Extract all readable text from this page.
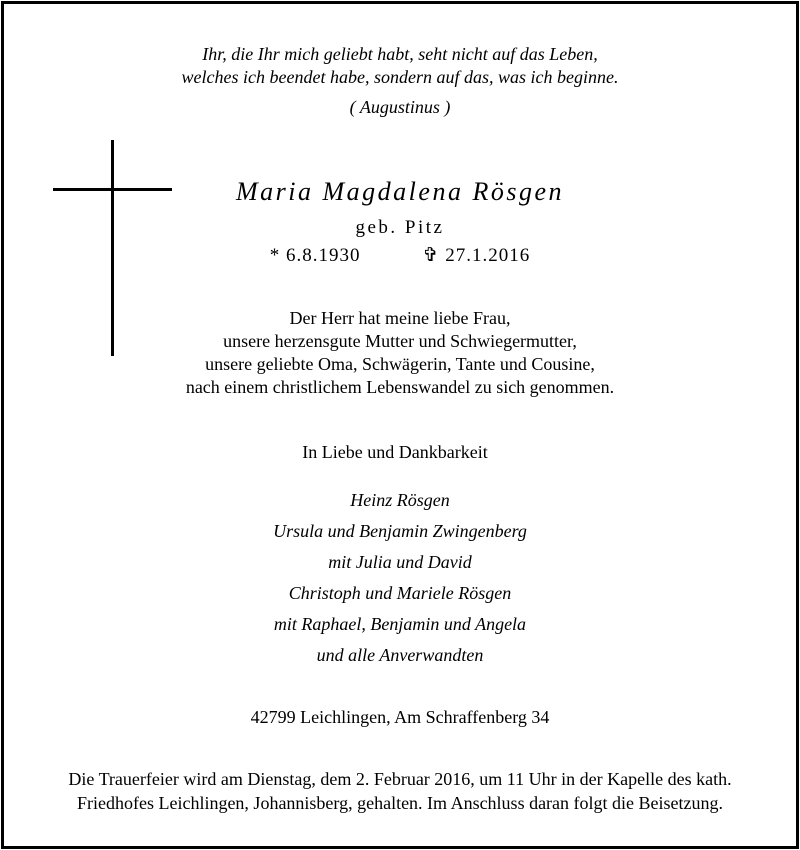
Ihr, die Ihr mich geliebt habt, seht nicht auf das Leben,
welches ich beendet habe, sondern auf das, was ich beginne.
( Augustinus )
Maria Magdalena Rösgen
geb. Pitz
* 6.8.1930	✞ 27.1.2016
Der Herr hat meine liebe Frau,
unsere herzensgute Mutter und Schwiegermutter,
unsere geliebte Oma, Schwägerin, Tante und Cousine,
nach einem christlichem Lebenswandel zu sich genommen.
In Liebe und Dankbarkeit
Heinz Rösgen
Ursula und Benjamin Zwingenberg
mit Julia und David
Christoph und Mariele Rösgen
mit Raphael, Benjamin und Angela
und alle Anverwandten
42799 Leichlingen, Am Schraffenberg 34
Die Trauerfeier wird am Dienstag, dem 2. Februar 2016, um 11 Uhr in der Kapelle des kath.
Friedhofes Leichlingen, Johannisberg, gehalten. Im Anschluss daran folgt die Beisetzung.
